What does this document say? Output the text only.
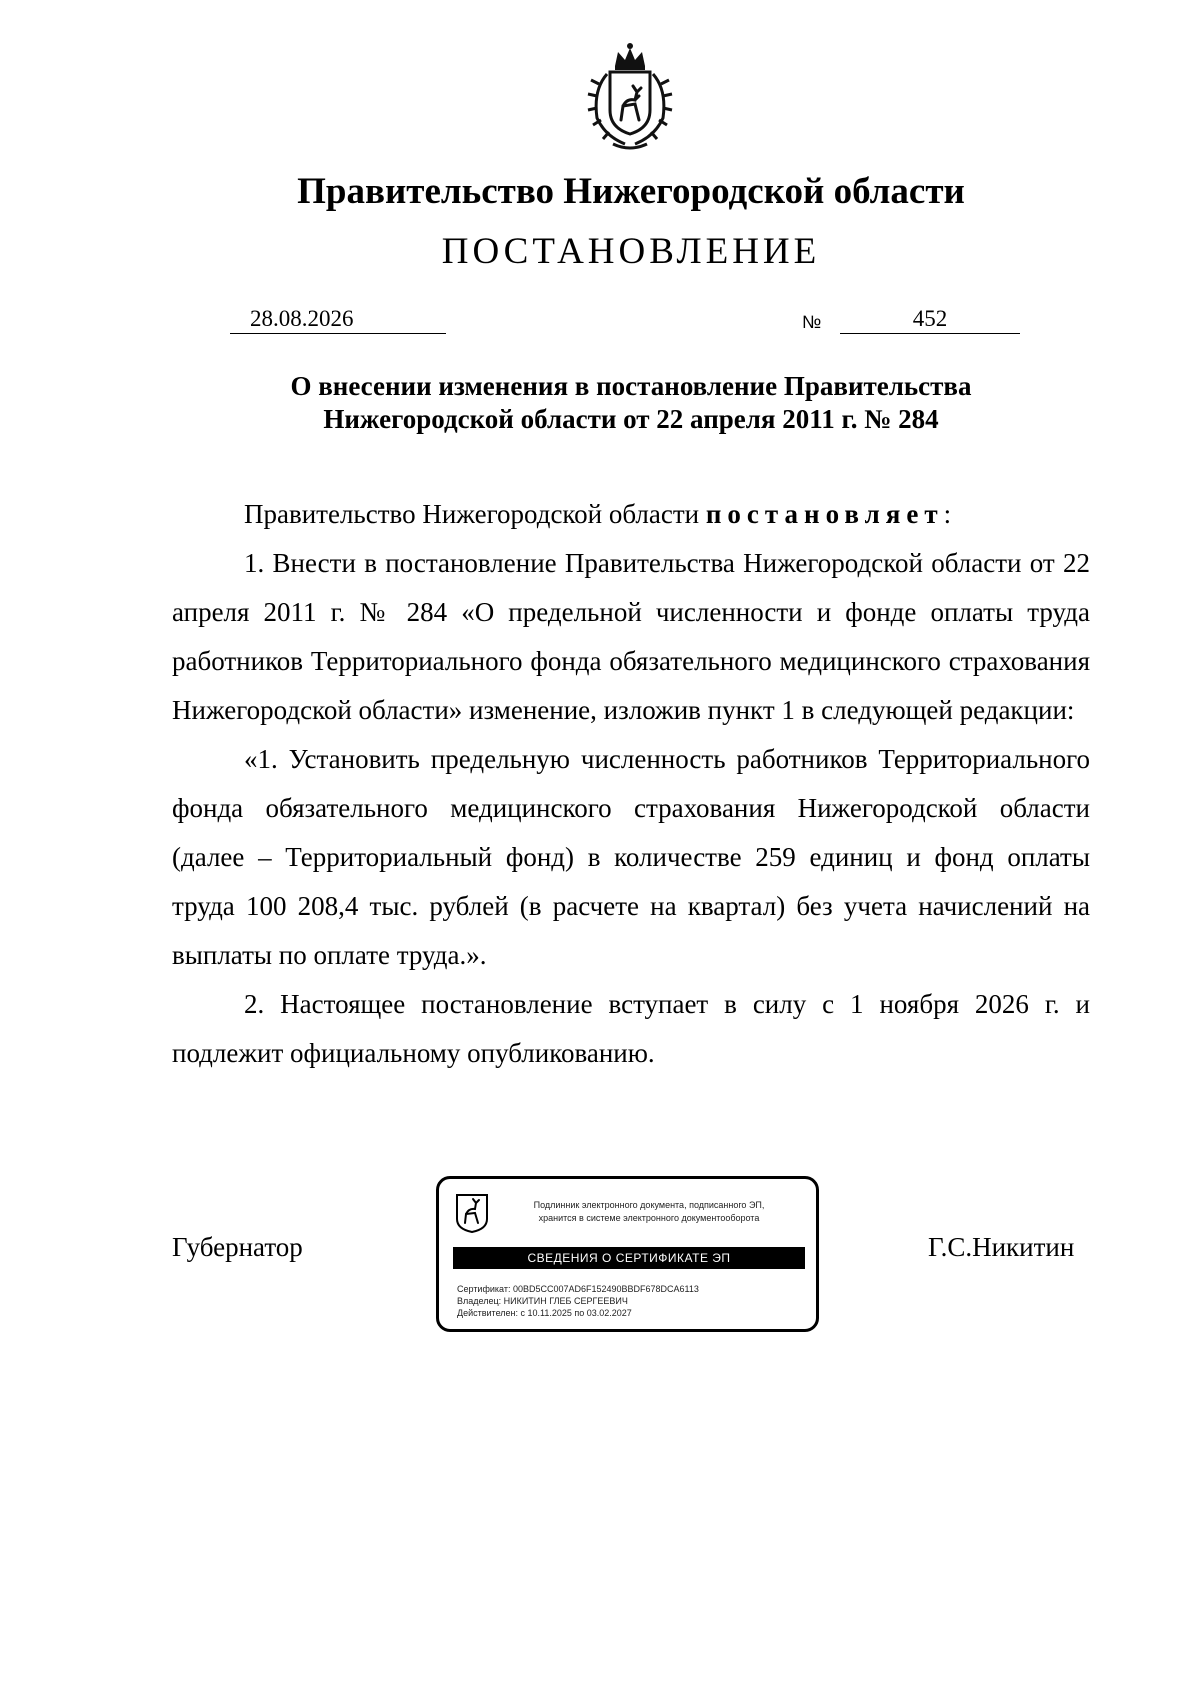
Правительство Нижегородской области
ПОСТАНОВЛЕНИЕ
28.08.2026	№	452
О внесении изменения в постановление Правительства
Нижегородской области от 22 апреля 2011 г. № 284

Правительство Нижегородской области постановляет:

1. Внести в постановление Правительства Нижегородской области от 22 апреля 2011 г. № 284 «О предельной численности и фонде оплаты труда работников Территориального фонда обязательного медицинского страхования Нижегородской области» изменение, изложив пункт 1 в следующей редакции:

«1. Установить предельную численность работников Территориального фонда обязательного медицинского страхования Нижегородской области (далее – Территориальный фонд) в количестве 259 единиц и фонд оплаты труда 100 208,4 тыс. рублей (в расчете на квартал) без учета начислений на выплаты по оплате труда.».

2. Настоящее постановление вступает в силу с 1 ноября 2026 г. и подлежит официальному опубликованию.

Губернатор
Подлинник электронного документа, подписанного ЭП,
хранится в системе электронного документооборота
СВЕДЕНИЯ О СЕРТИФИКАТЕ ЭП
Сертификат: 00BD5CC007AD6F152490BBDF678DCA6113
Владелец: НИКИТИН ГЛЕБ СЕРГЕЕВИЧ
Действителен: с 10.11.2025 по 03.02.2027
Г.С.Никитин
